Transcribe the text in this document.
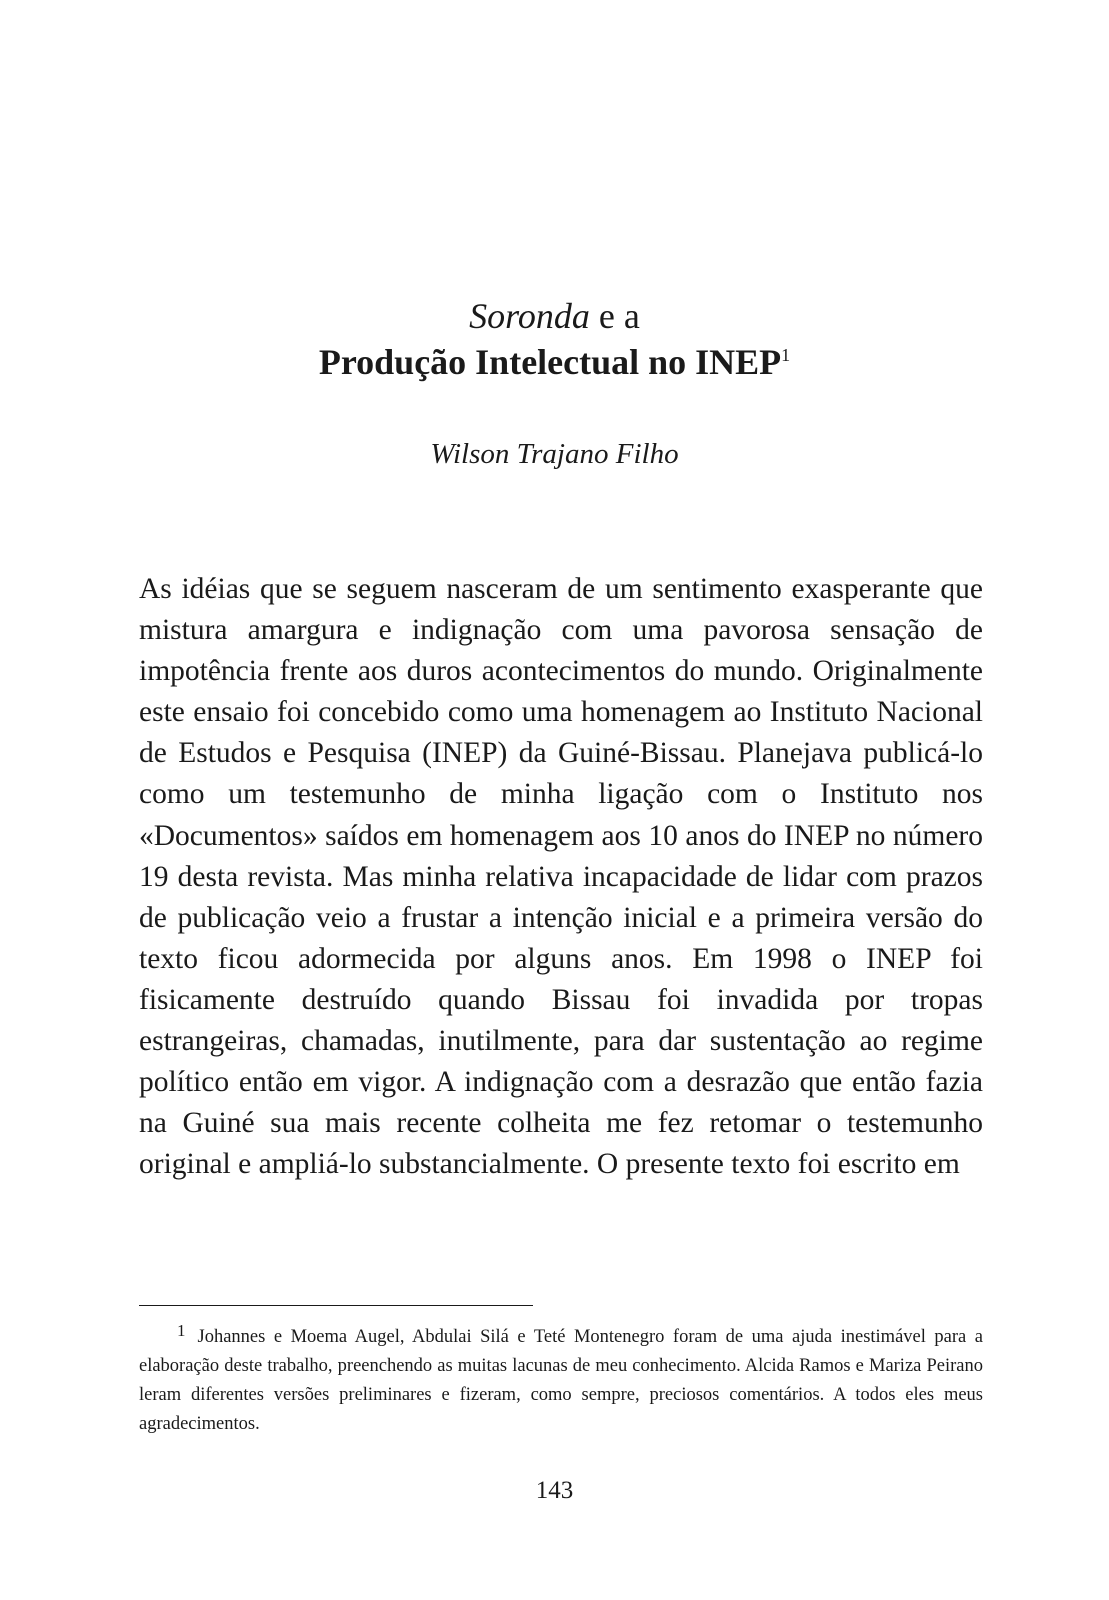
Soronda e a

Produção Intelectual no INEP$^1$

Wilson Trajano Filho

As idéias que se seguem nasceram de um sentimento exasperante que mistura amargura e indignação com uma pavorosa sensação de impotência frente aos duros acontecimentos do mundo. Originalmente este ensaio foi concebido como uma homenagem ao Instituto Nacional de Estudos e Pesquisa (INEP) da Guiné-Bissau. Planejava publicá-lo como um testemunho de minha ligação com o Instituto nos «Documentos» saídos em homenagem aos 10 anos do INEP no número 19 desta revista. Mas minha relativa incapacidade de lidar com prazos de publicação veio a frustar a intenção inicial e a primeira versão do texto ficou adormecida por alguns anos. Em 1998 o INEP foi fisicamente destruído quando Bissau foi invadida por tropas estrangeiras, chamadas, inutilmente, para dar sustentação ao regime político então em vigor. A indignação com a desrazão que então fazia na Guiné sua mais recente colheita me fez retomar o testemunho original e ampliá-lo substancialmente. O presente texto foi escrito em

1 Johannes e Moema Augel, Abdulai Silá e Teté Montenegro foram de uma ajuda inestimável para a elaboração deste trabalho, preenchendo as muitas lacunas de meu conhecimento. Alcida Ramos e Mariza Peirano leram diferentes versões preliminares e fizeram, como sempre, preciosos comentários. A todos eles meus agradecimentos.

143
